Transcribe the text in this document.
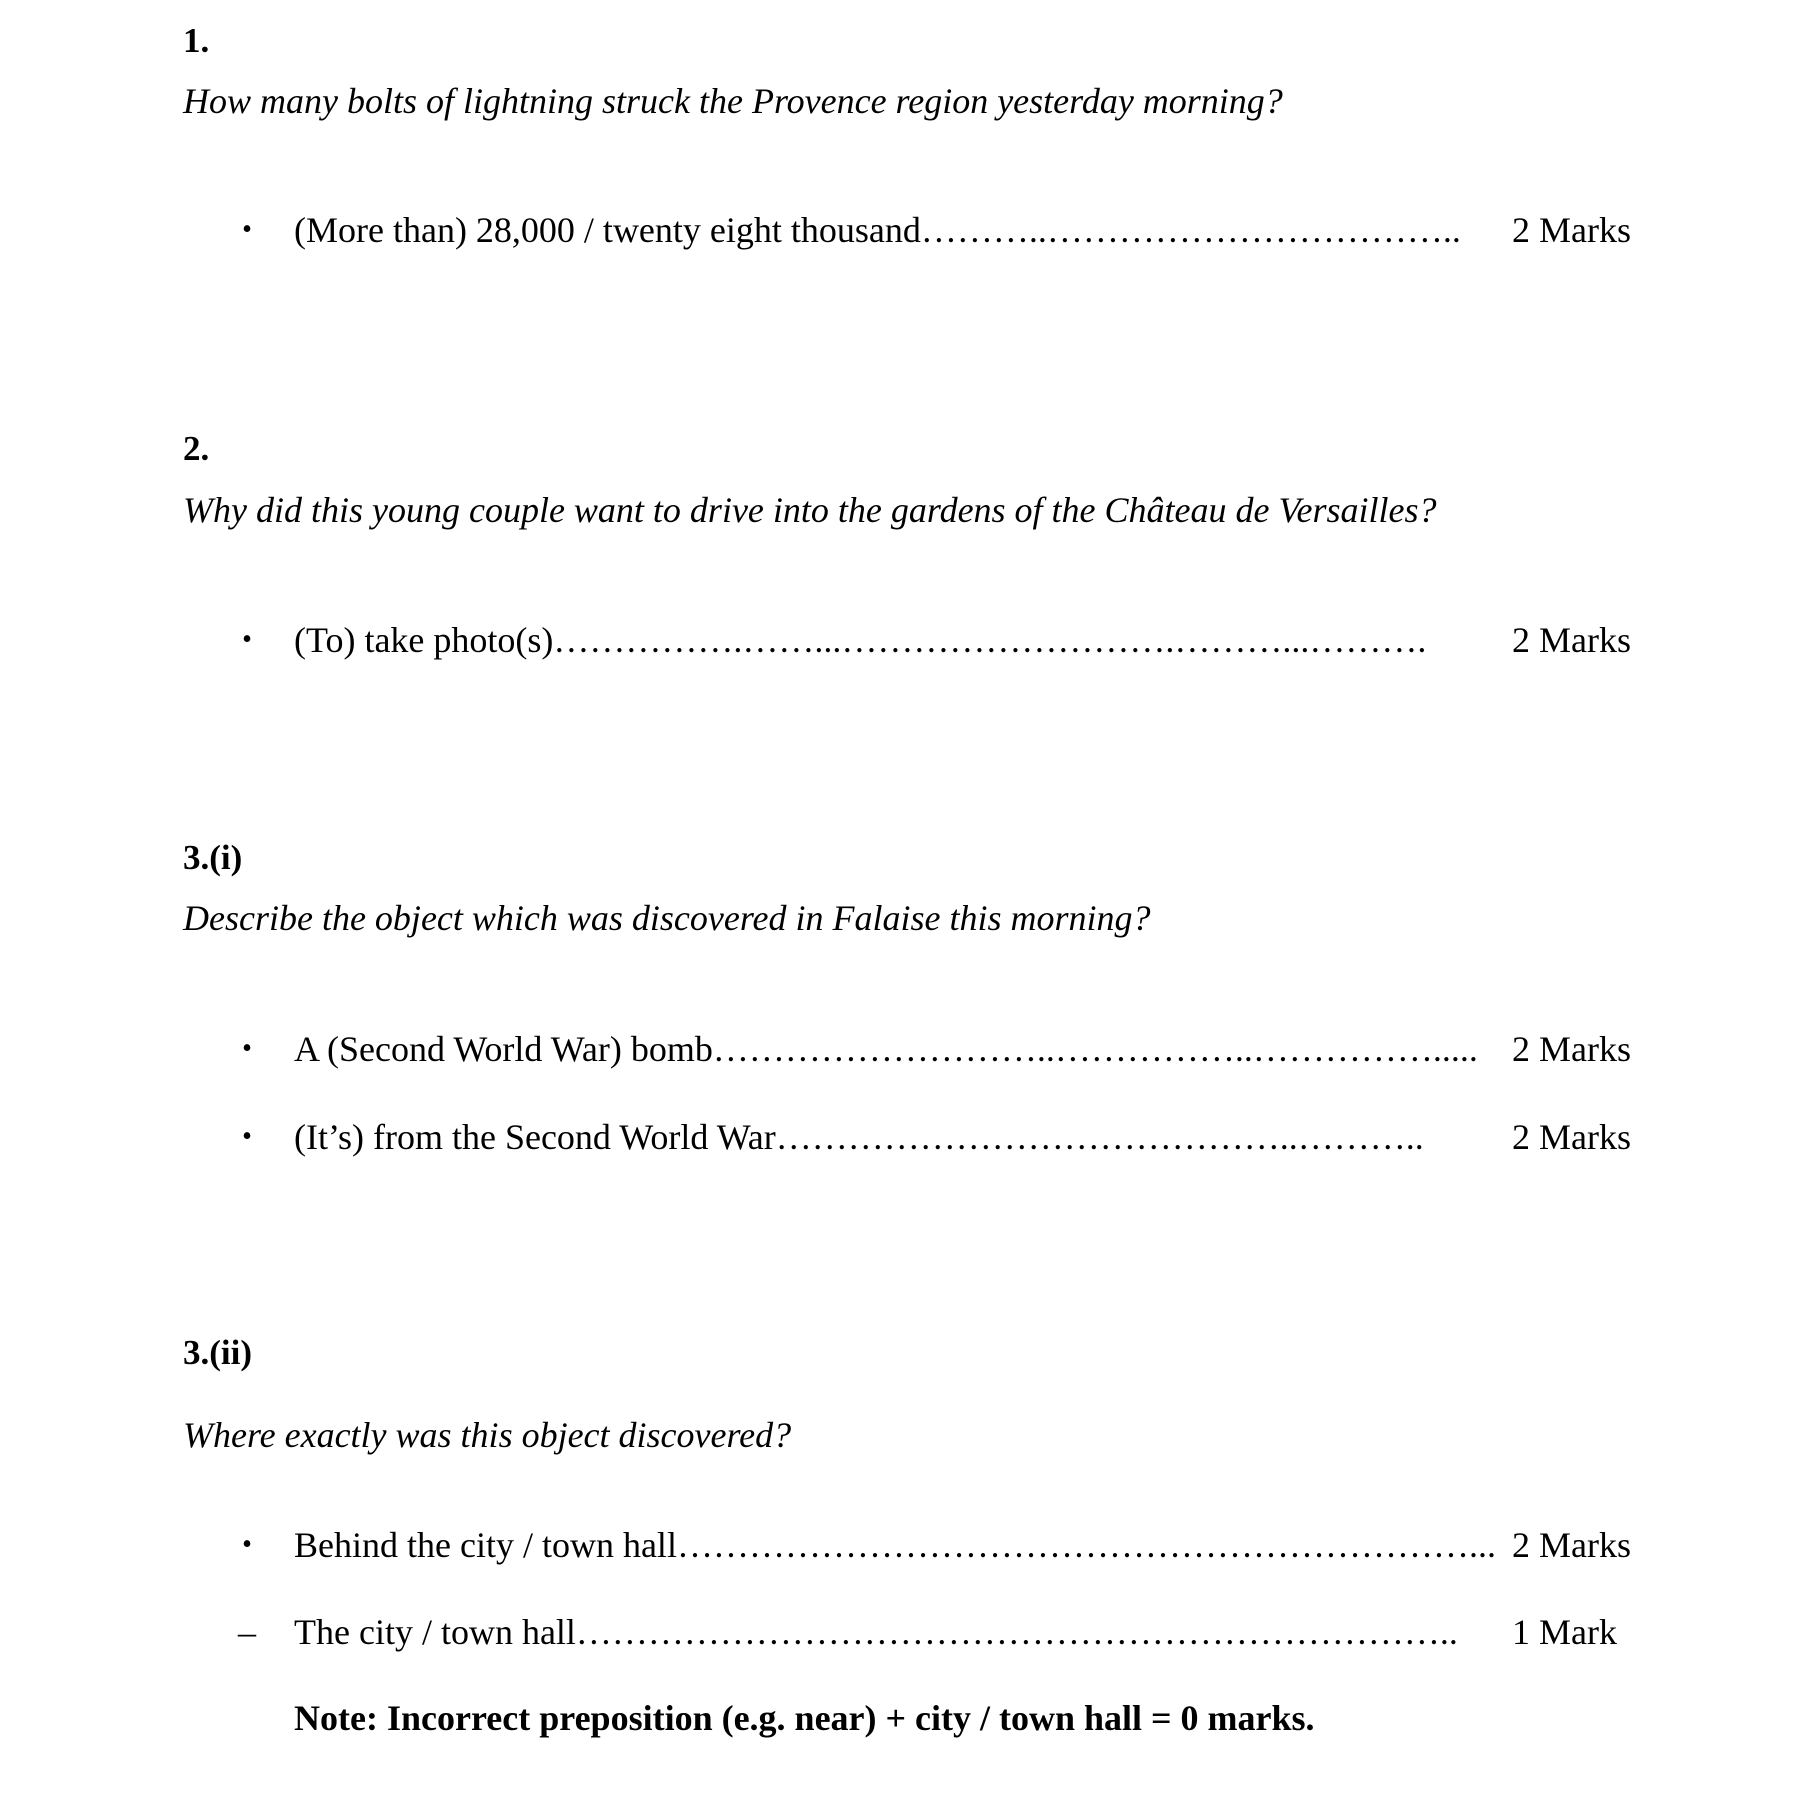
1.
How many bolts of lightning struck the Provence region yesterday morning?
• (More than) 28,000 / twenty eight thousand………..…………………………….. 2 Marks
2.
Why did this young couple want to drive into the gardens of the Château de Versailles?
• (To) take photo(s)…………….……...……………………….………...………. 2 Marks
3.(i)
Describe the object which was discovered in Falaise this morning?
• A (Second World War) bomb………………………..……………..……………..... 2 Marks
• (It’s) from the Second World War……………………………………..……….. 2 Marks
3.(ii)
Where exactly was this object discovered?
• Behind the city / town hall…………………………………………………………... 2 Marks
– The city / town hall……………………………………………………………….. 1 Mark
Note: Incorrect preposition (e.g. near) + city / town hall = 0 marks.
